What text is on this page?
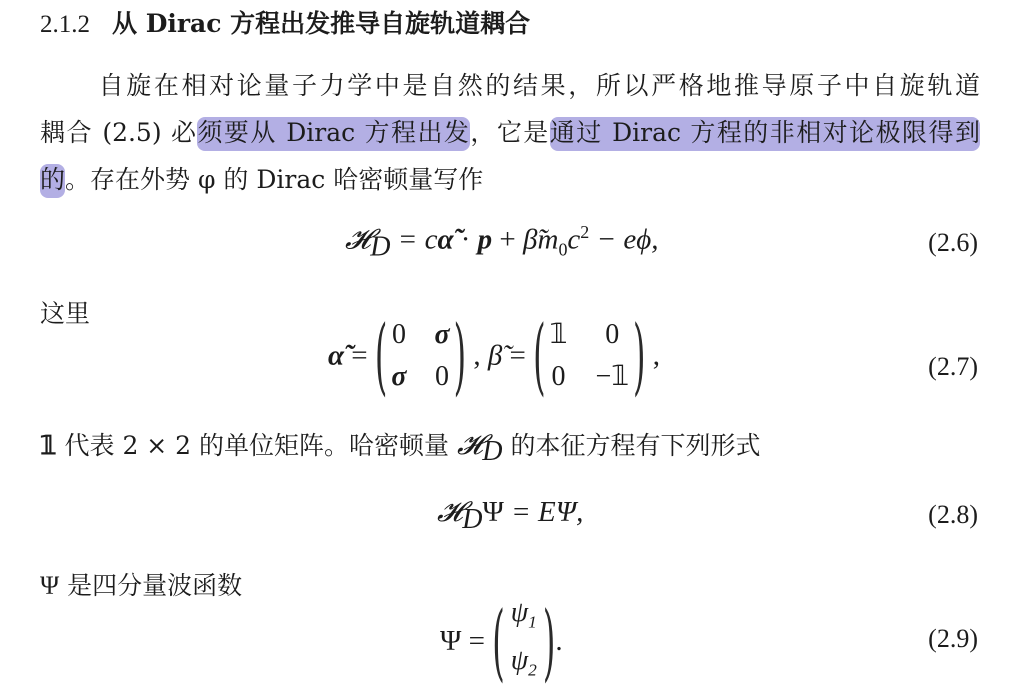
2.1.2 从 Dirac 方程出发推导自旋轨道耦合
自旋在相对论量子力学中是自然的结果，所以严格地推导原子中自旋轨道
耦合 (2.5) 必须要从 Dirac 方程出发，它是通过 Dirac 方程的非相对论极限得到
的。存在外势 φ 的 Dirac 哈密顿量写作
𝓗$_D$ = cα̃ · $p + \betãm_0c^2 - e\phi$,	(2.6)
这里
α̃ = ( 0 σ
σ 0 ) , β̃ = ( 𝟙	0
0 −𝟙 ) ,	(2.7)
𝟙 代表 2 × 2 的单位矩阵。哈密顿量 𝓗$_D$ 的本征方程有下列形式
𝓗$_D$Ψ = EΨ,	(2.8)
Ψ 是四分量波函数
Ψ = ( $\psi_1$
$\psi_2$ ).	(2.9)
